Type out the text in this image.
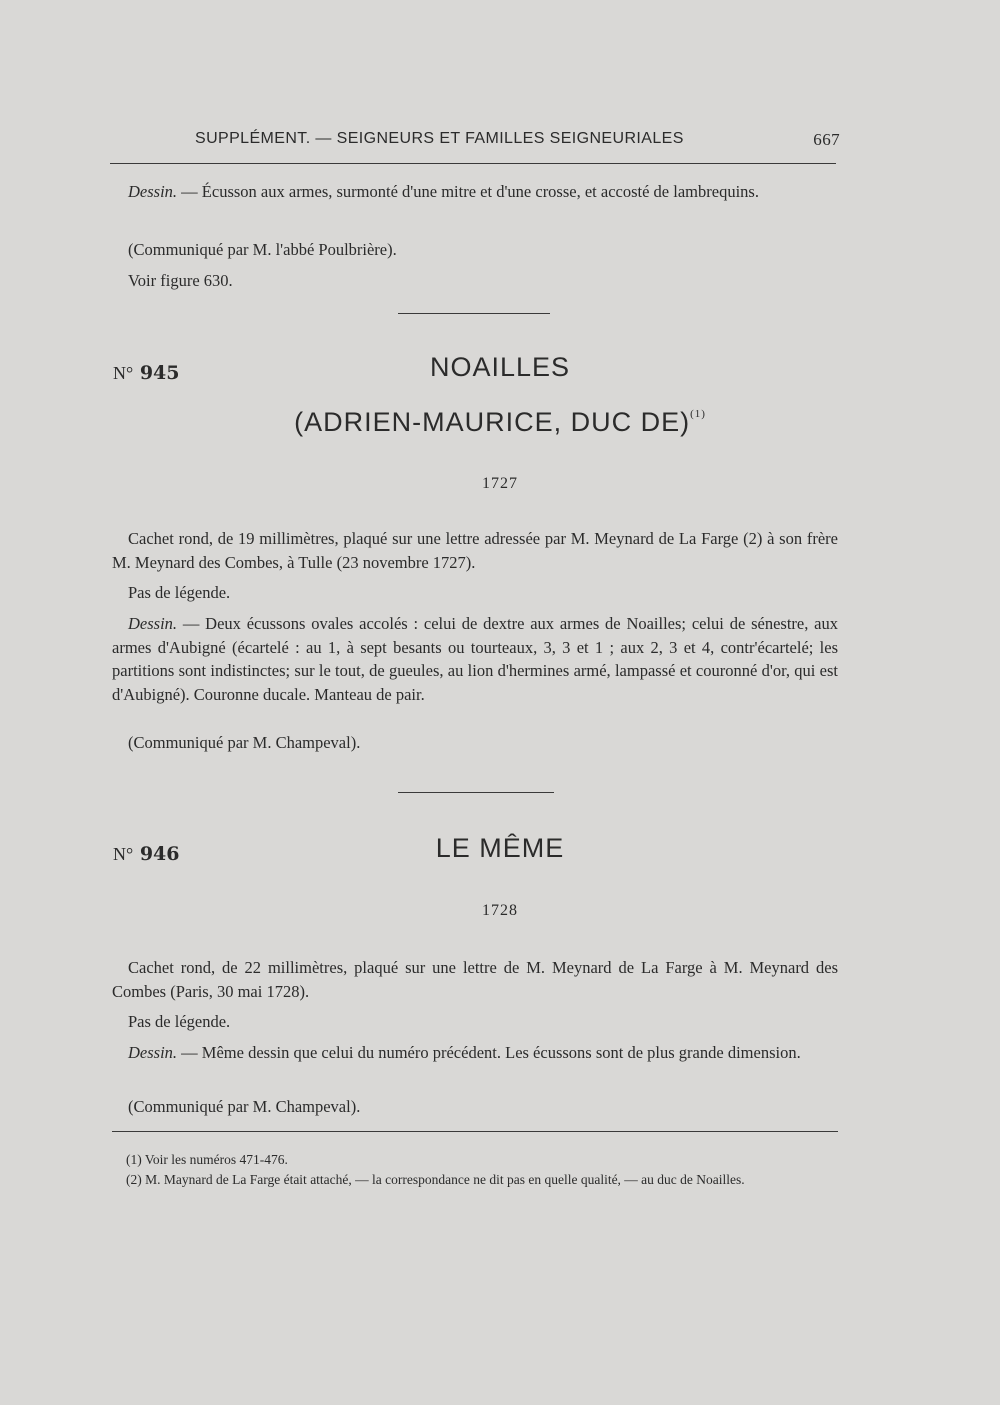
SUPPLÉMENT. — SEIGNEURS ET FAMILLES SEIGNEURIALES	667

Dessin. — Écusson aux armes, surmonté d'une mitre et d'une crosse, et accosté de lambrequins.

(Communiqué par M. l'abbé Poulbrière).
Voir figure 630.
N° 945	NOAILLES
(ADRIEN-MAURICE, DUC DE)$^{(1)}$
1727

Cachet rond, de 19 millimètres, plaqué sur une lettre adressée par M. Meynard de La Farge (2) à son frère M. Meynard des Combes, à Tulle (23 novembre 1727).

Pas de légende.

Dessin. — Deux écussons ovales accolés : celui de dextre aux armes de Noailles; celui de sénestre, aux armes d'Aubigné (écartelé : au 1, à sept besants ou tourteaux, 3, 3 et 1 ; aux 2, 3 et 4, contr'écartelé; les partitions sont indistinctes; sur le tout, de gueules, au lion d'hermines armé, lampassé et couronné d'or, qui est d'Aubigné). Couronne ducale. Manteau de pair.

(Communiqué par M. Champeval).
N° 946	LE MÊME
1728

Cachet rond, de 22 millimètres, plaqué sur une lettre de M. Meynard de La Farge à M. Meynard des Combes (Paris, 30 mai 1728).

Pas de légende.

Dessin. — Même dessin que celui du numéro précédent. Les écussons sont de plus grande dimension.

(Communiqué par M. Champeval).

(1) Voir les numéros 471-476.

(2) M. Maynard de La Farge était attaché, — la correspondance ne dit pas en quelle qualité, — au duc de Noailles.
